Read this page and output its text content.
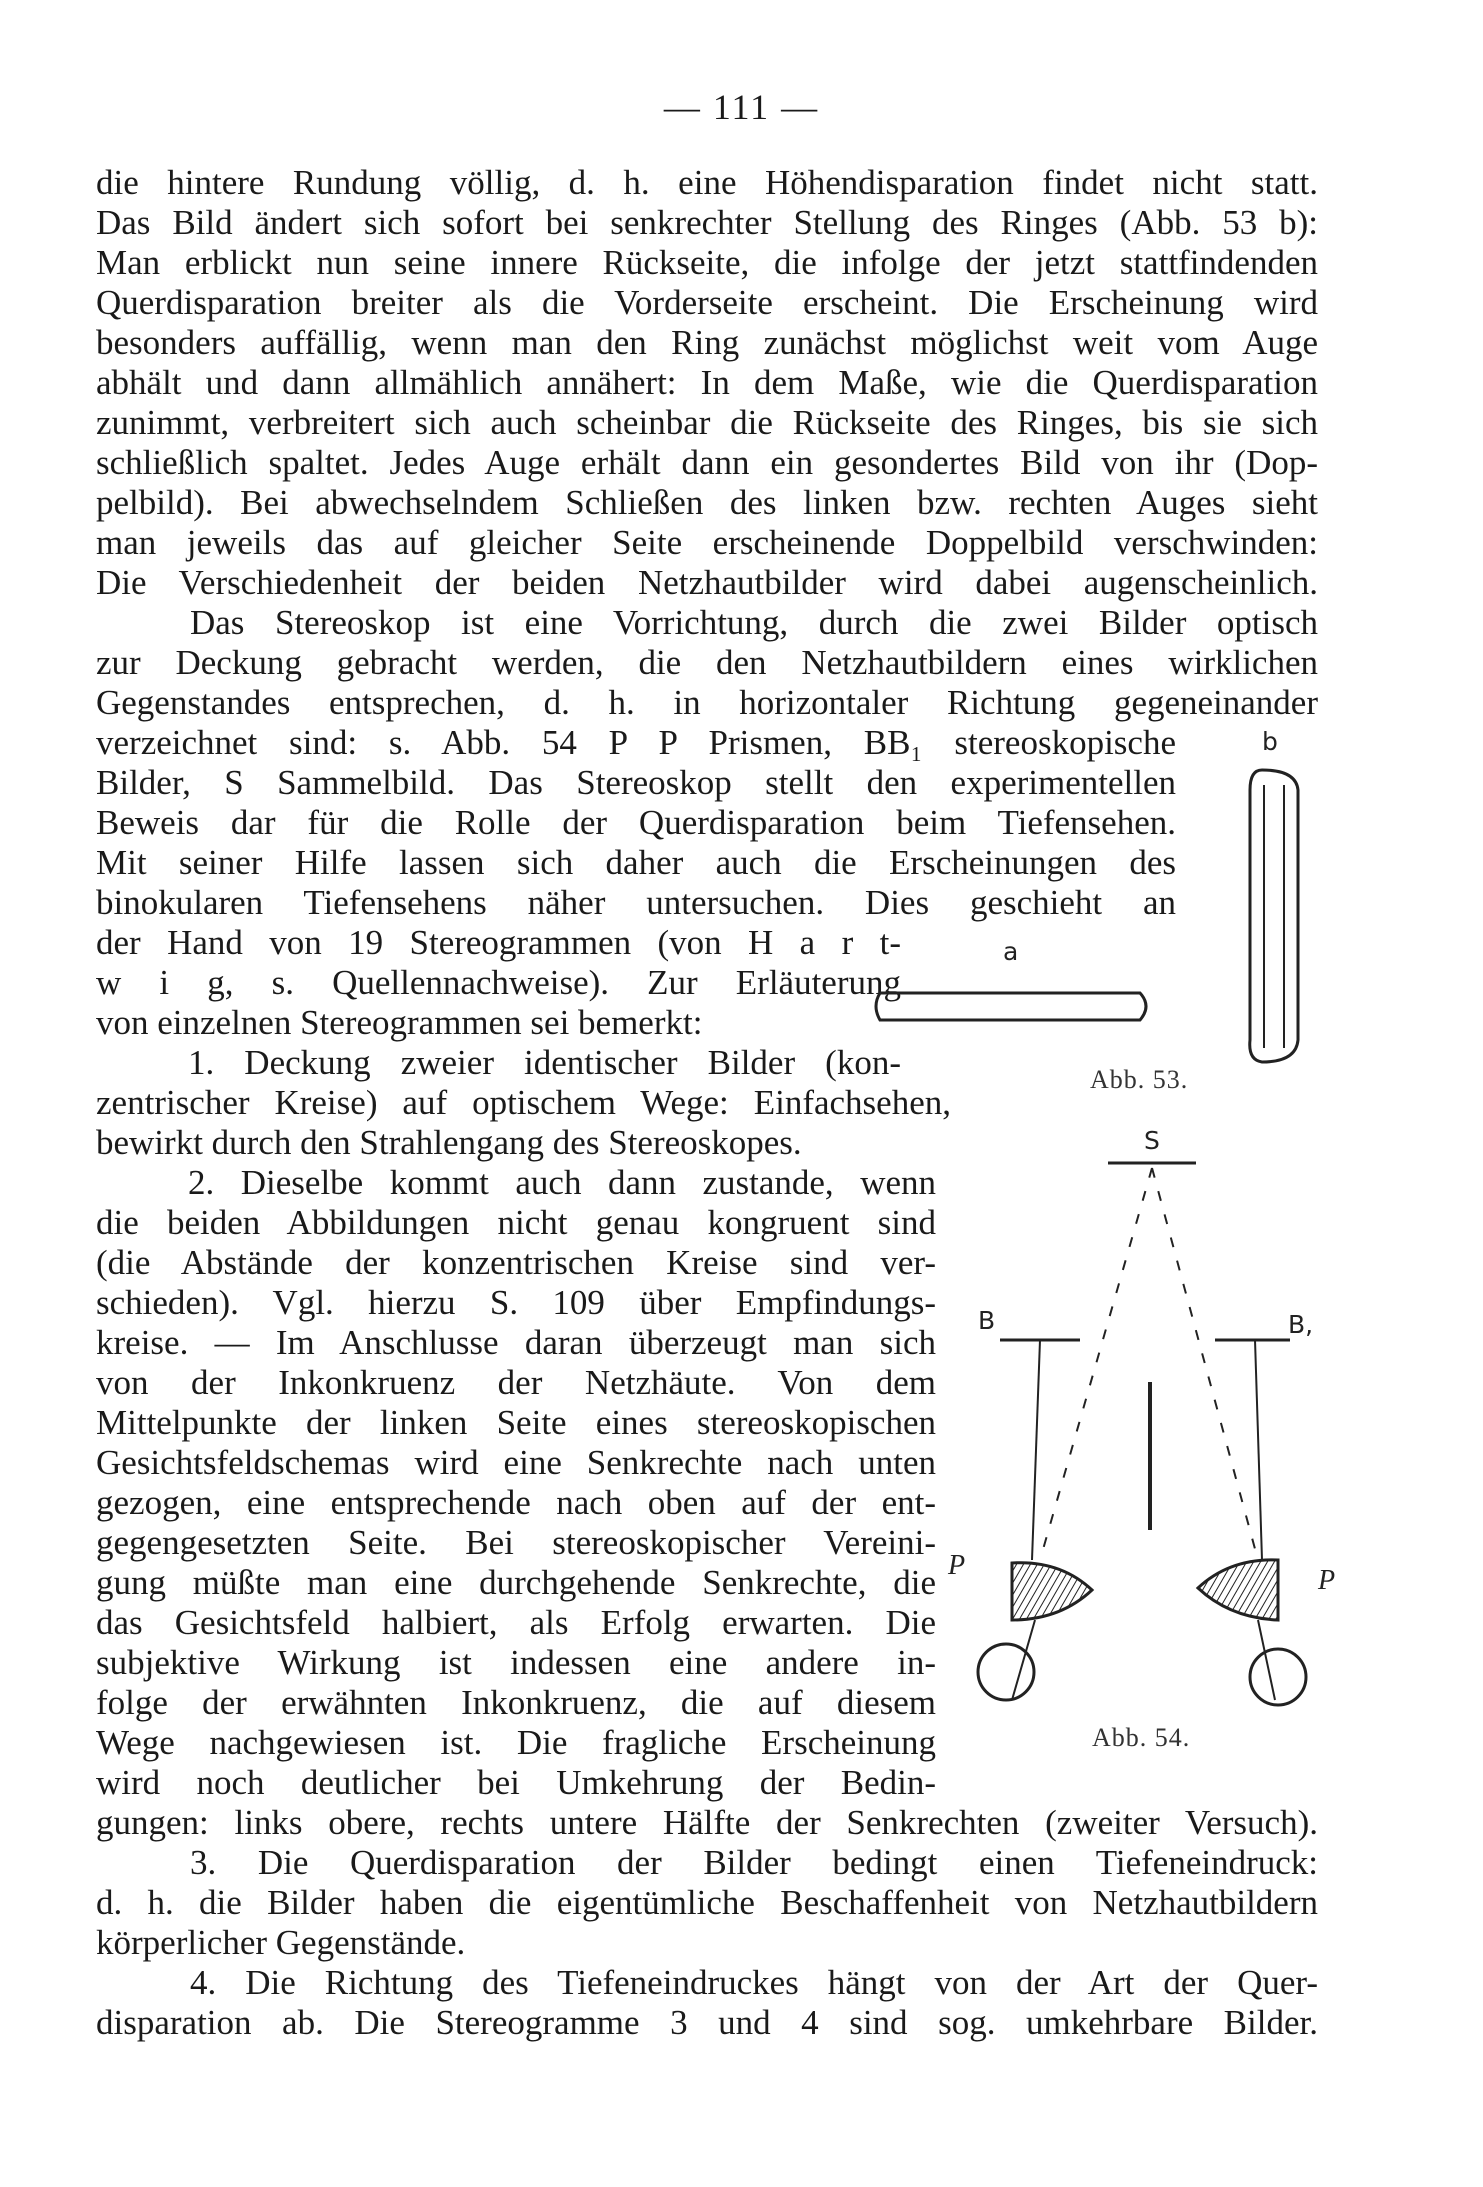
— 111 —
die hintere Rundung völlig, d. h. eine Höhendisparation findet nicht statt.
Das Bild ändert sich sofort bei senkrechter Stellung des Ringes (Abb. 53 b):
Man erblickt nun seine innere Rückseite, die infolge der jetzt stattfindenden
Querdisparation breiter als die Vorderseite erscheint. Die Erscheinung wird
besonders auffällig, wenn man den Ring zunächst möglichst weit vom Auge
abhält und dann allmählich annähert: In dem Maße, wie die Querdisparation
zunimmt, verbreitert sich auch scheinbar die Rückseite des Ringes, bis sie sich
schließlich spaltet. Jedes Auge erhält dann ein gesondertes Bild von ihr (Dop-
pelbild). Bei abwechselndem Schließen des linken bzw. rechten Auges sieht
man jeweils das auf gleicher Seite erscheinende Doppelbild verschwinden:
Die Verschiedenheit der beiden Netzhautbilder wird dabei augenscheinlich.
Das Stereoskop ist eine Vorrichtung, durch die zwei Bilder optisch
zur Deckung gebracht werden, die den Netzhautbildern eines wirklichen
Gegenstandes entsprechen, d. h. in horizontaler Richtung gegeneinander
verzeichnet sind: s. Abb. 54 P P Prismen, BB₁ stereoskopische
Bilder, S Sammelbild. Das Stereoskop stellt den experimentellen
Beweis dar für die Rolle der Querdisparation beim Tiefensehen.
Mit seiner Hilfe lassen sich daher auch die Erscheinungen des
binokularen Tiefensehens näher untersuchen. Dies geschieht an
der Hand von 19 Stereogrammen (von H a r t-
w i g, s. Quellennachweise). Zur Erläuterung
von einzelnen Stereogrammen sei bemerkt:
1. Deckung zweier identischer Bilder (kon-
zentrischer Kreise) auf optischem Wege: Einfachsehen,
bewirkt durch den Strahlengang des Stereoskopes.
2. Dieselbe kommt auch dann zustande, wenn
die beiden Abbildungen nicht genau kongruent sind
(die Abstände der konzentrischen Kreise sind ver-
schieden). Vgl. hierzu S. 109 über Empfindungs-
kreise. — Im Anschlusse daran überzeugt man sich
von der Inkonkruenz der Netzhäute. Von dem
Mittelpunkte der linken Seite eines stereoskopischen
Gesichtsfeldschemas wird eine Senkrechte nach unten
gezogen, eine entsprechende nach oben auf der ent-
gegengesetzten Seite. Bei stereoskopischer Vereini-
gung müßte man eine durchgehende Senkrechte, die
das Gesichtsfeld halbiert, als Erfolg erwarten. Die
subjektive Wirkung ist indessen eine andere in-
folge der erwähnten Inkonkruenz, die auf diesem
Wege nachgewiesen ist. Die fragliche Erscheinung
wird noch deutlicher bei Umkehrung der Bedin-
gungen: links obere, rechts untere Hälfte der Senkrechten (zweiter Versuch).
3. Die Querdisparation der Bilder bedingt einen Tiefeneindruck:
d. h. die Bilder haben die eigentümliche Beschaffenheit von Netzhautbildern
körperlicher Gegenstände.
4. Die Richtung des Tiefeneindruckes hängt von der Art der Quer-
disparation ab. Die Stereogramme 3 und 4 sind sog. umkehrbare Bilder.
b
a
Abb. 53.
S
B	B,
P	P
Abb. 54.
